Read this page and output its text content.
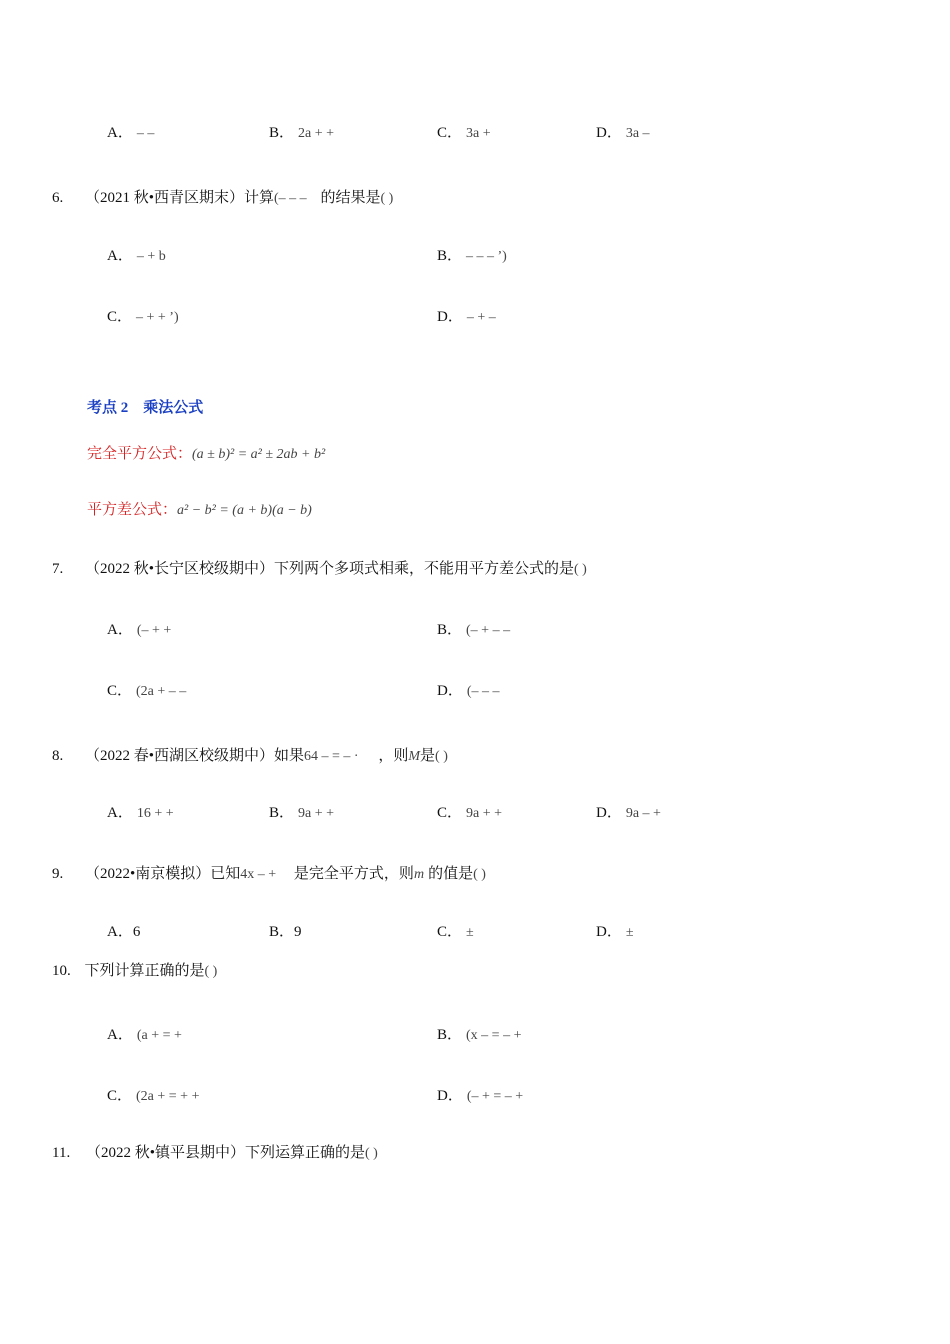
A． – –	B． 2a + +	C． 3a +	D． 3a –
6. （2021 秋•西青区期末）计算(– – – 的结果是( )
A． – + b	B． – – – ’)
C． – + + ’)	D． – + –
考点 2　乘法公式
完全平方公式：(a ± b)² = a² ± 2ab + b²
平方差公式：a² − b² = (a + b)(a − b)
7. （2022 秋•长宁区校级期中）下列两个多项式相乘，不能用平方差公式的是( )
A． (– + +	B． (– + – –
C． (2a + – –	D． (– – –
8. （2022 春•西湖区校级期中）如果64 – = – · ，则M是( )
A． 16 + +	B． 9a + +	C． 9a + +	D． 9a – +
9. （2022•南京模拟）已知4x – + 是完全平方式，则m 的值是( )
A．6	B．9	C． ±	D． ±
10. 下列计算正确的是( )
A． (a + = +	B． (x – = – +
C． (2a + = + +	D． (– + = – +
11. （2022 秋•镇平县期中）下列运算正确的是( )
